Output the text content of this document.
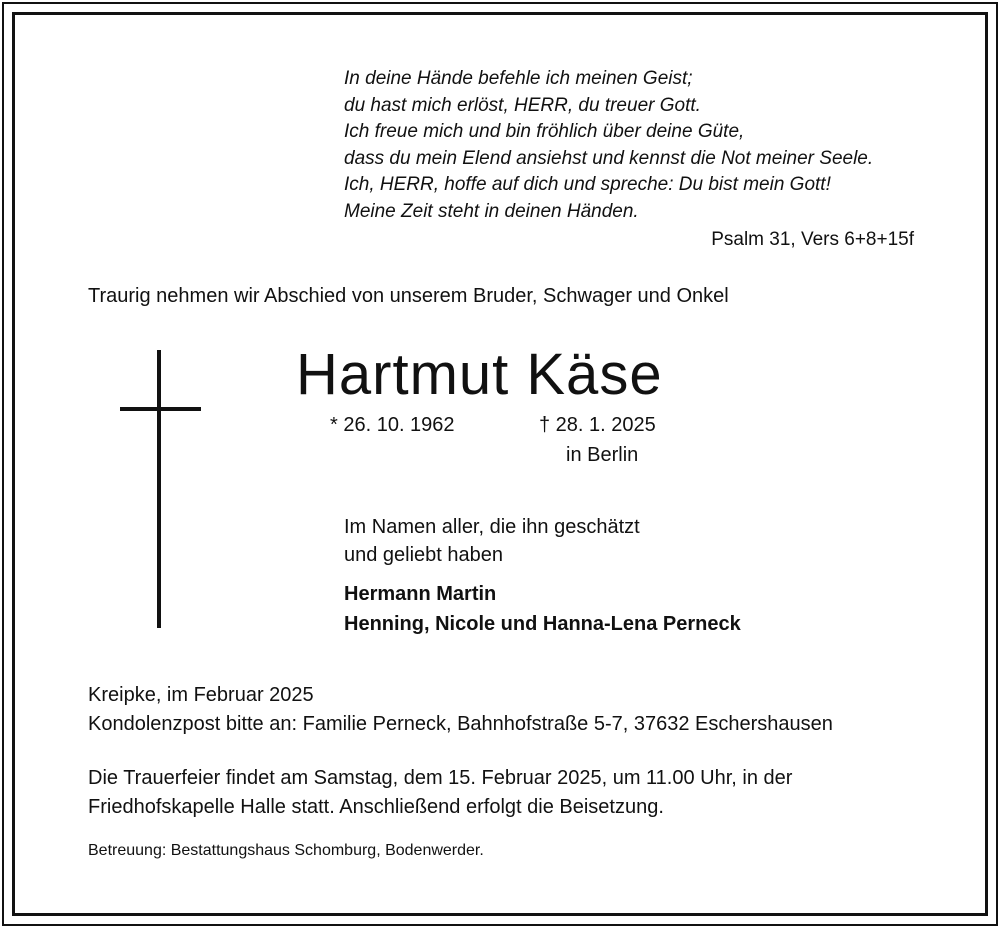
In deine Hände befehle ich meinen Geist;
du hast mich erlöst, HERR, du treuer Gott.
Ich freue mich und bin fröhlich über deine Güte,
dass du mein Elend ansiehst und kennst die Not meiner Seele.
Ich, HERR, hoffe auf dich und spreche: Du bist mein Gott!
Meine Zeit steht in deinen Händen.
Psalm 31, Vers 6+8+15f
Traurig nehmen wir Abschied von unserem Bruder, Schwager und Onkel
Hartmut Käse
* 26. 10. 1962	† 28. 1. 2025
in Berlin
Im Namen aller, die ihn geschätzt
und geliebt haben
Hermann Martin
Henning, Nicole und Hanna-Lena Perneck
Kreipke, im Februar 2025
Kondolenzpost bitte an: Familie Perneck, Bahnhofstraße 5-7, 37632 Eschershausen
Die Trauerfeier findet am Samstag, dem 15. Februar 2025, um 11.00 Uhr, in der
Friedhofskapelle Halle statt. Anschließend erfolgt die Beisetzung.
Betreuung: Bestattungshaus Schomburg, Bodenwerder.
